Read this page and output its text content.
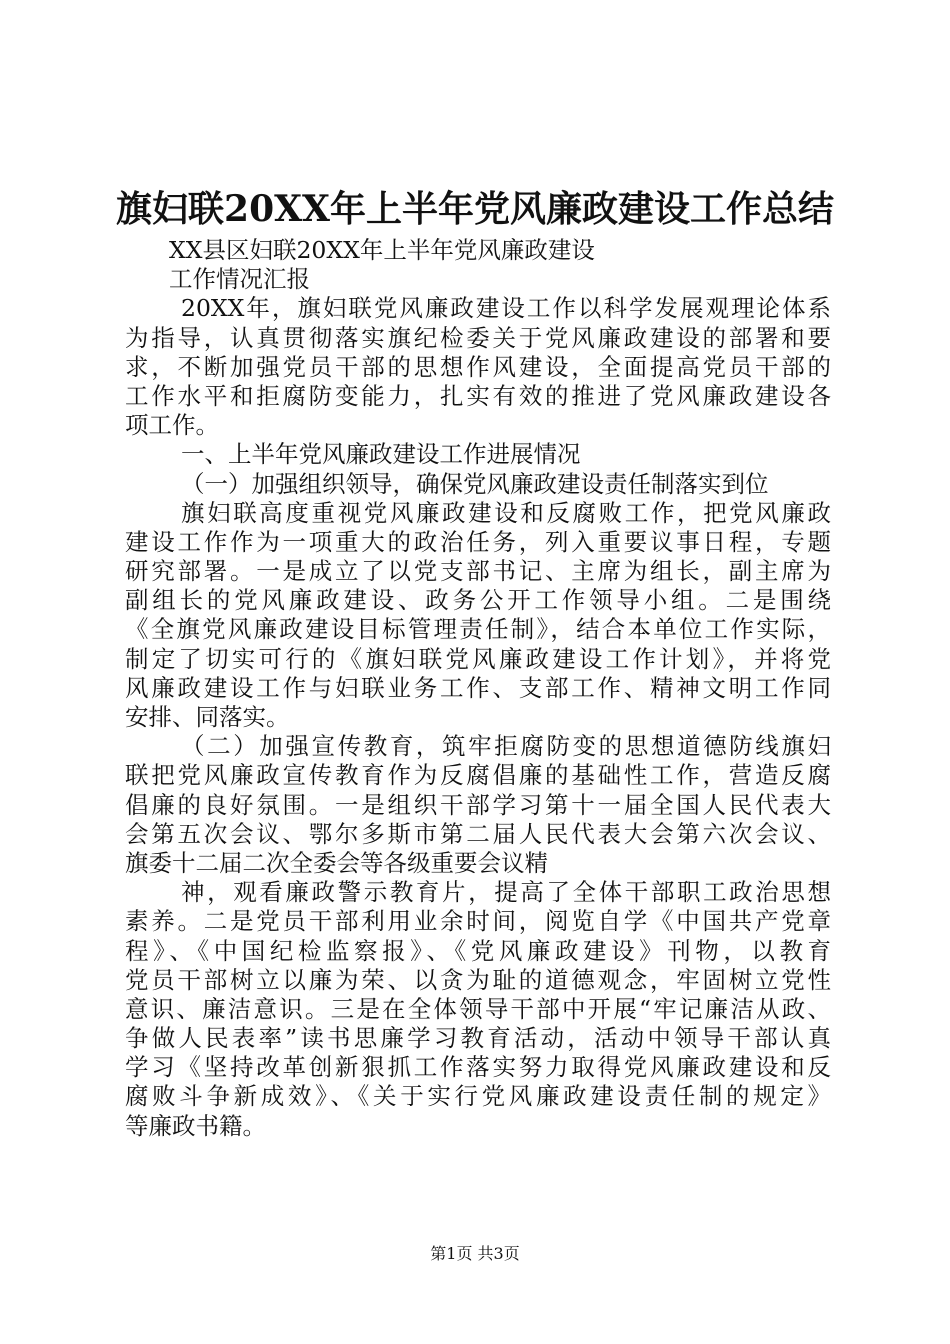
旗妇联20XX年上半年党风廉政建设工作总结
XX县区妇联20XX年上半年党风廉政建设
工作情况汇报
20XX年，旗妇联党风廉政建设工作以科学发展观理论体系
为指导，认真贯彻落实旗纪检委关于党风廉政建设的部署和要
求，不断加强党员干部的思想作风建设，全面提高党员干部的
工作水平和拒腐防变能力，扎实有效的推进了党风廉政建设各
项工作。
一、上半年党风廉政建设工作进展情况
（一）加强组织领导，确保党风廉政建设责任制落实到位
旗妇联高度重视党风廉政建设和反腐败工作，把党风廉政
建设工作作为一项重大的政治任务，列入重要议事日程，专题
研究部署。一是成立了以党支部书记、主席为组长，副主席为
副组长的党风廉政建设、政务公开工作领导小组。二是围绕
《全旗党风廉政建设目标管理责任制》，结合本单位工作实际，
制定了切实可行的《旗妇联党风廉政建设工作计划》，并将党
风廉政建设工作与妇联业务工作、支部工作、精神文明工作同
安排、同落实。
（二）加强宣传教育，筑牢拒腐防变的思想道德防线旗妇
联把党风廉政宣传教育作为反腐倡廉的基础性工作，营造反腐
倡廉的良好氛围。一是组织干部学习第十一届全国人民代表大
会第五次会议、鄂尔多斯市第二届人民代表大会第六次会议、
旗委十二届二次全委会等各级重要会议精
神，观看廉政警示教育片，提高了全体干部职工政治思想
素养。二是党员干部利用业余时间，阅览自学《中国共产党章
程》、《中国纪检监察报》、《党风廉政建设》刊物，以教育
党员干部树立以廉为荣、以贪为耻的道德观念，牢固树立党性
意识、廉洁意识。三是在全体领导干部中开展“牢记廉洁从政、
争做人民表率”读书思廉学习教育活动，活动中领导干部认真
学习《坚持改革创新狠抓工作落实努力取得党风廉政建设和反
腐败斗争新成效》、《关于实行党风廉政建设责任制的规定》
等廉政书籍。
第1页 共3页
